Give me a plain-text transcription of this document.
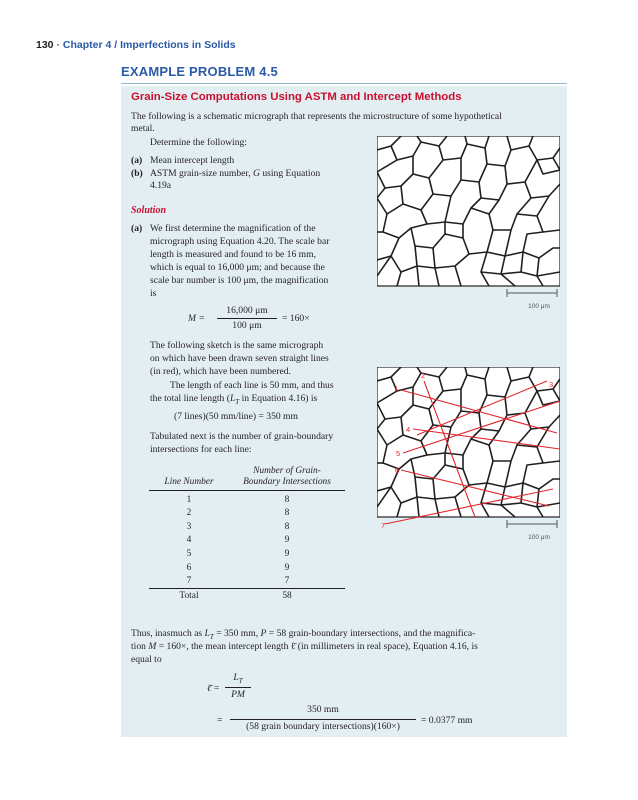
130 · Chapter 4 / Imperfections in Solids
EXAMPLE PROBLEM 4.5
Grain-Size Computations Using ASTM and Intercept Methods
The following is a schematic micrograph that represents the microstructure of some hypothetical
metal.
Determine the following:
(a) Mean intercept length
(b) ASTM grain-size number, G using Equation
4.19a
Solution
(a) We first determine the magnification of the
micrograph using Equation 4.20. The scale bar
length is measured and found to be 16 mm,
which is equal to 16,000 μm; and because the
scale bar number is 100 μm, the magnification
is
M =
16,000 μm
100 μm
= 160×
The following sketch is the same micrograph
on which have been drawn seven straight lines
(in red), which have been numbered.
The length of each line is 50 mm, and thus
the total line length ($L_T$ in Equation 4.16) is
(7 lines)(50 mm/line) = 350 mm
Tabulated next is the number of grain-boundary
intersections for each line:
Line Number	Number of Grain-
Boundary Intersections

1	8
2	8
3	8
4	9
5	9
6	9
7	7
Total	58
100 μm
1
2
3
4
5
6
7
100 μm
Thus, inasmuch as $L_T = 350$ mm, P = 58 grain-boundary intersections, and the magnifica-
tion M = 160×, the mean intercept length ℓ̄ (in millimeters in real space), Equation 4.16, is
equal to
ℓ̄ =
$L_T$
PM
=
350 mm
(58 grain boundary intersections)(160×)
= 0.0377 mm
